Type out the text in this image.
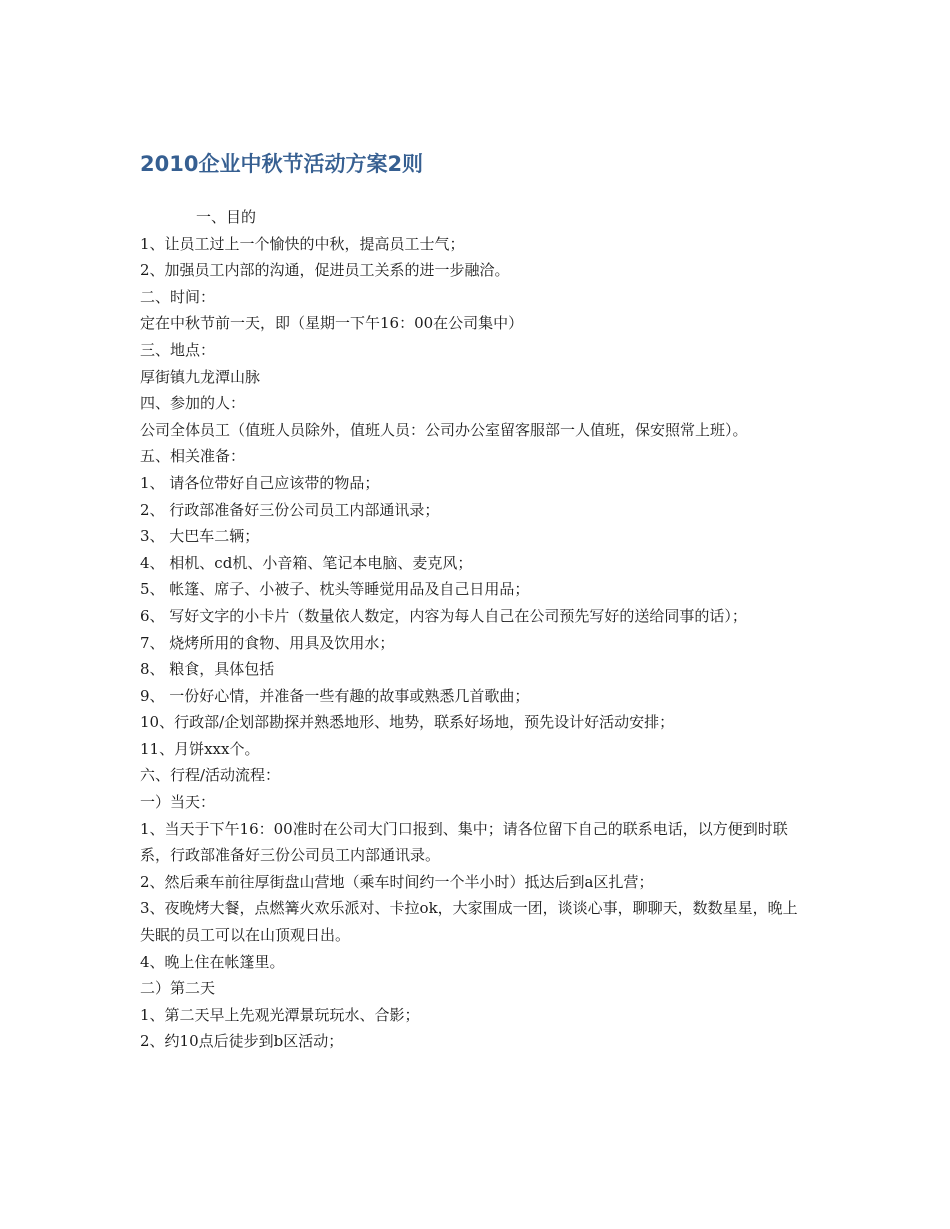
2010企业中秋节活动方案2则

一、目的

1、让员工过上一个愉快的中秋，提高员工士气；

2、加强员工内部的沟通，促进员工关系的进一步融洽。

二、时间：

定在中秋节前一天，即（星期一下午16：00在公司集中）

三、地点：

厚街镇九龙潭山脉

四、参加的人：

公司全体员工（值班人员除外，值班人员：公司办公室留客服部一人值班，保安照常上班）。

五、相关准备：

1、 请各位带好自己应该带的物品；

2、 行政部准备好三份公司员工内部通讯录；

3、 大巴车二辆；

4、 相机、cd机、小音箱、笔记本电脑、麦克风；

5、 帐篷、席子、小被子、枕头等睡觉用品及自己日用品；

6、 写好文字的小卡片（数量依人数定，内容为每人自己在公司预先写好的送给同事的话）；

7、 烧烤所用的食物、用具及饮用水；

8、 粮食，具体包括

9、 一份好心情，并准备一些有趣的故事或熟悉几首歌曲；

10、行政部/企划部勘探并熟悉地形、地势，联系好场地，预先设计好活动安排；

11、月饼xxx个。

六、行程/活动流程：

一）当天：

1、当天于下午16：00准时在公司大门口报到、集中；请各位留下自己的联系电话，以方便到时联系，行政部准备好三份公司员工内部通讯录。

2、然后乘车前往厚街盘山营地（乘车时间约一个半小时）抵达后到a区扎营；

3、夜晚烤大餐，点燃篝火欢乐派对、卡拉ok，大家围成一团，谈谈心事，聊聊天，数数星星，晚上失眠的员工可以在山顶观日出。

4、晚上住在帐篷里。

二）第二天

1、第二天早上先观光潭景玩玩水、合影；

2、约10点后徒步到b区活动；
